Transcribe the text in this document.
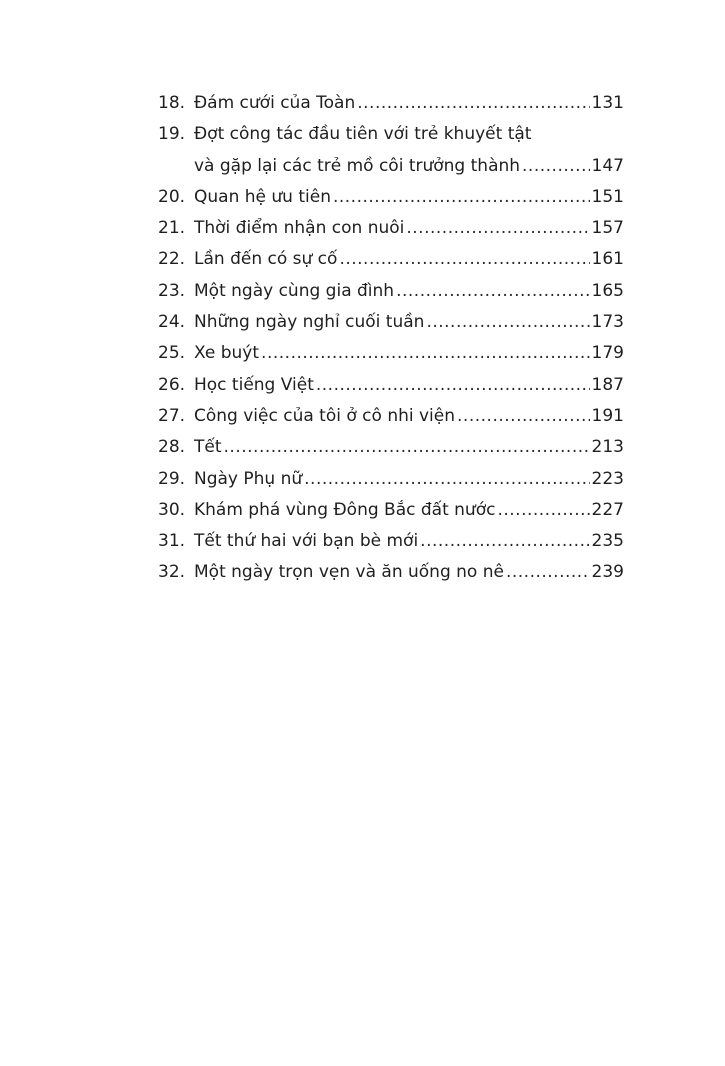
18. Đám cưới của Toàn .....	131
19. Đợt công tác đầu tiên với trẻ khuyết tật
và gặp lại các trẻ mồ côi trưởng thành .....	147
20. Quan hệ ưu tiên .....	151
21. Thời điểm nhận con nuôi .....	157
22. Lần đến có sự cố .....	161
23. Một ngày cùng gia đình .....	165
24. Những ngày nghỉ cuối tuần .....	173
25. Xe buýt .....	179
26. Học tiếng Việt .....	187
27. Công việc của tôi ở cô nhi viện .....	191
28. Tết .....	213
29. Ngày Phụ nữ .....	223
30. Khám phá vùng Đông Bắc đất nước .....	227
31. Tết thứ hai với bạn bè mới .....	235
32. Một ngày trọn vẹn và ăn uống no nê .....	239
